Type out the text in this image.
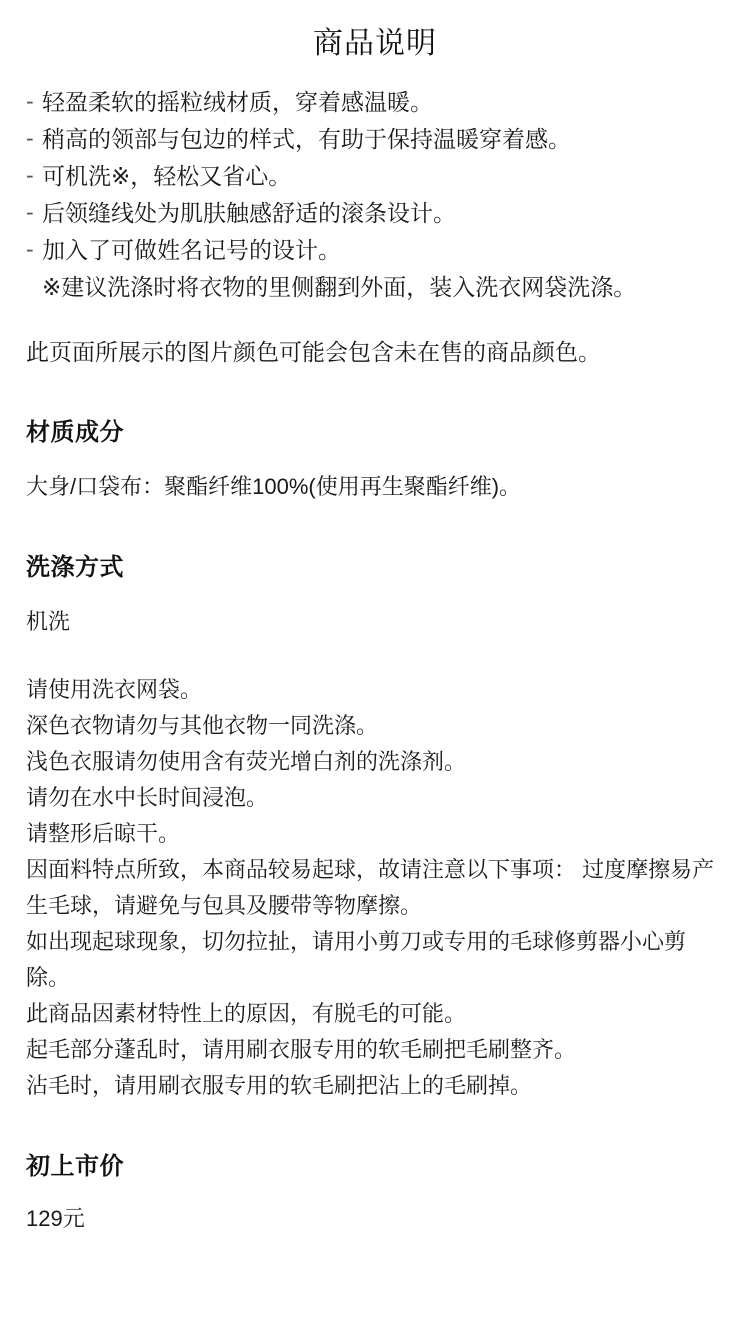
商品说明
- 轻盈柔软的摇粒绒材质，穿着感温暖。
- 稍高的领部与包边的样式，有助于保持温暖穿着感。
- 可机洗※，轻松又省心。
- 后领缝线处为肌肤触感舒适的滚条设计。
- 加入了可做姓名记号的设计。

※建议洗涤时将衣物的里侧翻到外面，装入洗衣网袋洗涤。

此页面所展示的图片颜色可能会包含未在售的商品颜色。

材质成分
大身/口袋布：聚酯纤维100%(使用再生聚酯纤维)。
洗涤方式
机洗
请使用洗衣网袋。
深色衣物请勿与其他衣物一同洗涤。
浅色衣服请勿使用含有荧光增白剂的洗涤剂。
请勿在水中长时间浸泡。
请整形后晾干。
因面料特点所致，本商品较易起球，故请注意以下事项： 过度摩擦易产生毛球，请避免与包具及腰带等物摩擦。
如出现起球现象，切勿拉扯，请用小剪刀或专用的毛球修剪器小心剪除。
此商品因素材特性上的原因，有脱毛的可能。
起毛部分蓬乱时，请用刷衣服专用的软毛刷把毛刷整齐。
沾毛时，请用刷衣服专用的软毛刷把沾上的毛刷掉。
初上市价
129元
